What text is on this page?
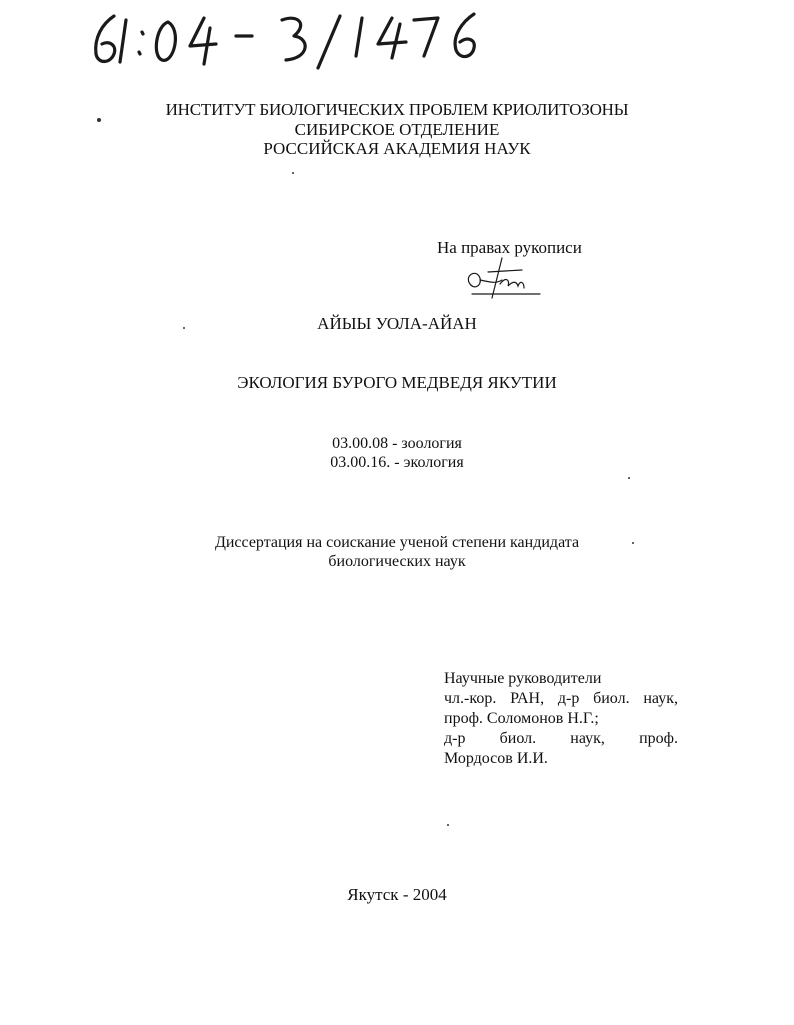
ИНСТИТУТ БИОЛОГИЧЕСКИХ ПРОБЛЕМ КРИОЛИТОЗОНЫ
СИБИРСКОЕ ОТДЕЛЕНИЕ
РОССИЙСКАЯ АКАДЕМИЯ НАУК
На правах рукописи
АЙЫЫ УОЛА-АЙАН
ЭКОЛОГИЯ БУРОГО МЕДВЕДЯ ЯКУТИИ
03.00.08 - зоология
03.00.16. - экология
Диссертация на соискание ученой степени кандидата
биологических наук
Научные руководители
чл.-кор. РАН, д-р биол. наук,
проф. Соломонов Н.Г.;
д-р биол. наук, проф.
Мордосов И.И.
Якутск - 2004
